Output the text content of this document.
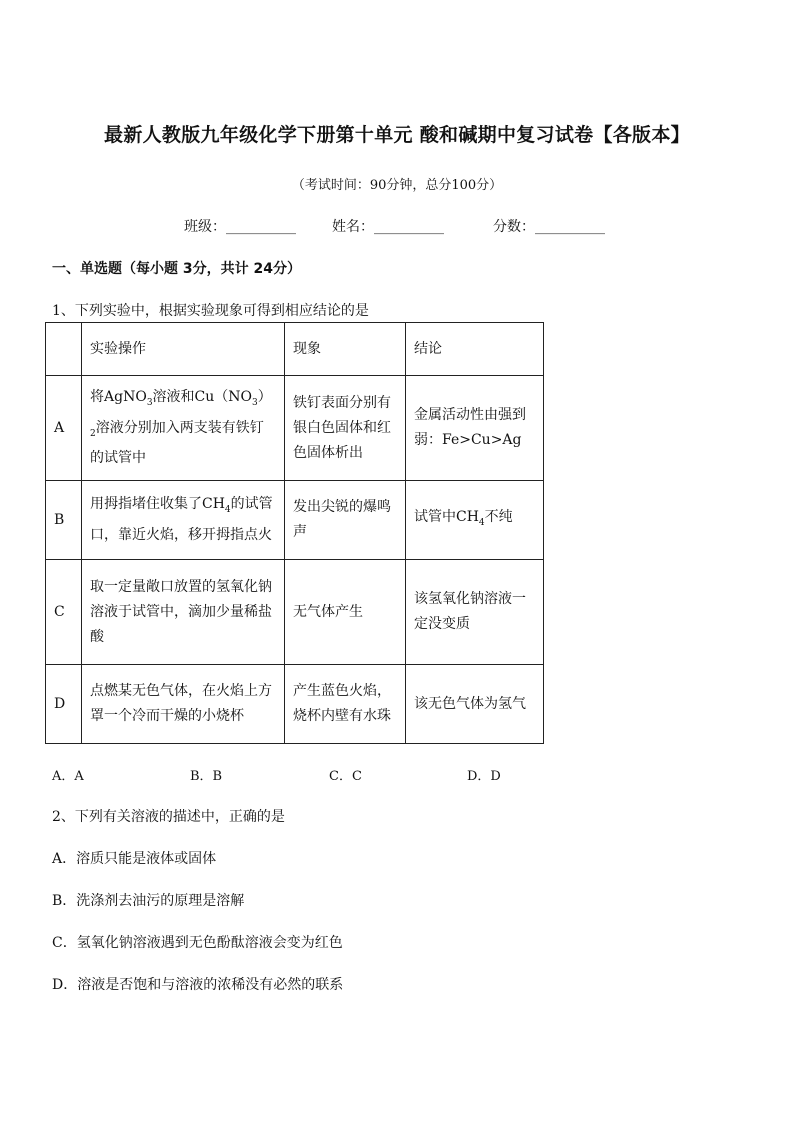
最新人教版九年级化学下册第十单元 酸和碱期中复习试卷【各版本】
（考试时间：90分钟，总分100分）
班级：__________	姓名：__________	分数：__________
一、单选题（每小题 3分，共计 24分）
1、下列实验中，根据实验现象可得到相应结论的是
	实验操作	现象	结论
A	将AgNO$_3$溶液和$Cu(NO_3)_2$溶液分别加入两支装有铁钉的试管中	铁钉表面分别有银白色固体和红色固体析出	金属活动性由强到弱：Fe>Cu>Ag
B	用拇指堵住收集了$CH_4$的试管口，靠近火焰，移开拇指点火	发出尖锐的爆鸣声	试管中$CH_4$不纯
C	取一定量敞口放置的氢氧化钠溶液于试管中，滴加少量稀盐酸	无气体产生	该氢氧化钠溶液一定没变质
D	点燃某无色气体，在火焰上方罩一个冷而干燥的小烧杯	产生蓝色火焰，烧杯内壁有水珠	该无色气体为氢气
A．A	B．B	C．C	D．D
2、下列有关溶液的描述中，正确的是
A．溶质只能是液体或固体
B．洗涤剂去油污的原理是溶解
C．氢氧化钠溶液遇到无色酚酞溶液会变为红色
D．溶液是否饱和与溶液的浓稀没有必然的联系
